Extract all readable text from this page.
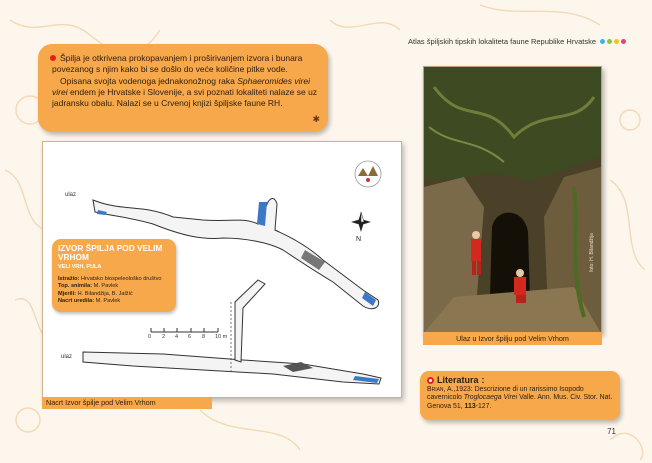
Atlas špiljskih tipskih lokaliteta faune Republike Hrvatske

Špilja je otkrivena prokopavanjem i proširivanjem izvora i bunara povezanog s njim kako bi se došlo do veće količine pitke vode.

Opisana svojta vodenoga jednakonožnog raka Sphaeromides virei virei endem je Hrvatske i Slovenije, a svi poznati lokaliteti nalaze se uz jadransku obalu. Nalazi se u Crvenoj knjizi špiljske faune RH.

✱
ulaz
ulaz
N
0 2 4 6 8 10 m
IZVOR ŠPILJA POD VELIM VRHOM
VELI VRH, PULA
Istražio: Hrvatsko biospeleološko društvo
Top. snimila: M. Pavlek
Mjerili: H. Bilandžija, B. Jalžić
Nacrt uredila: M. Pavlek
Nacrt Izvor špilje pod Velim Vrhom
foto: H. Bilandžija
Ulaz u Izvor špilju pod Velim Vrhom
Literatura :
Brian, A.,1923: Descrizione di un rarissimo Isopodo cavernicolo Troglocaega Virei Valle. Ann. Mus. Civ. Stor. Nat. Genova 51, 113-127.
71
